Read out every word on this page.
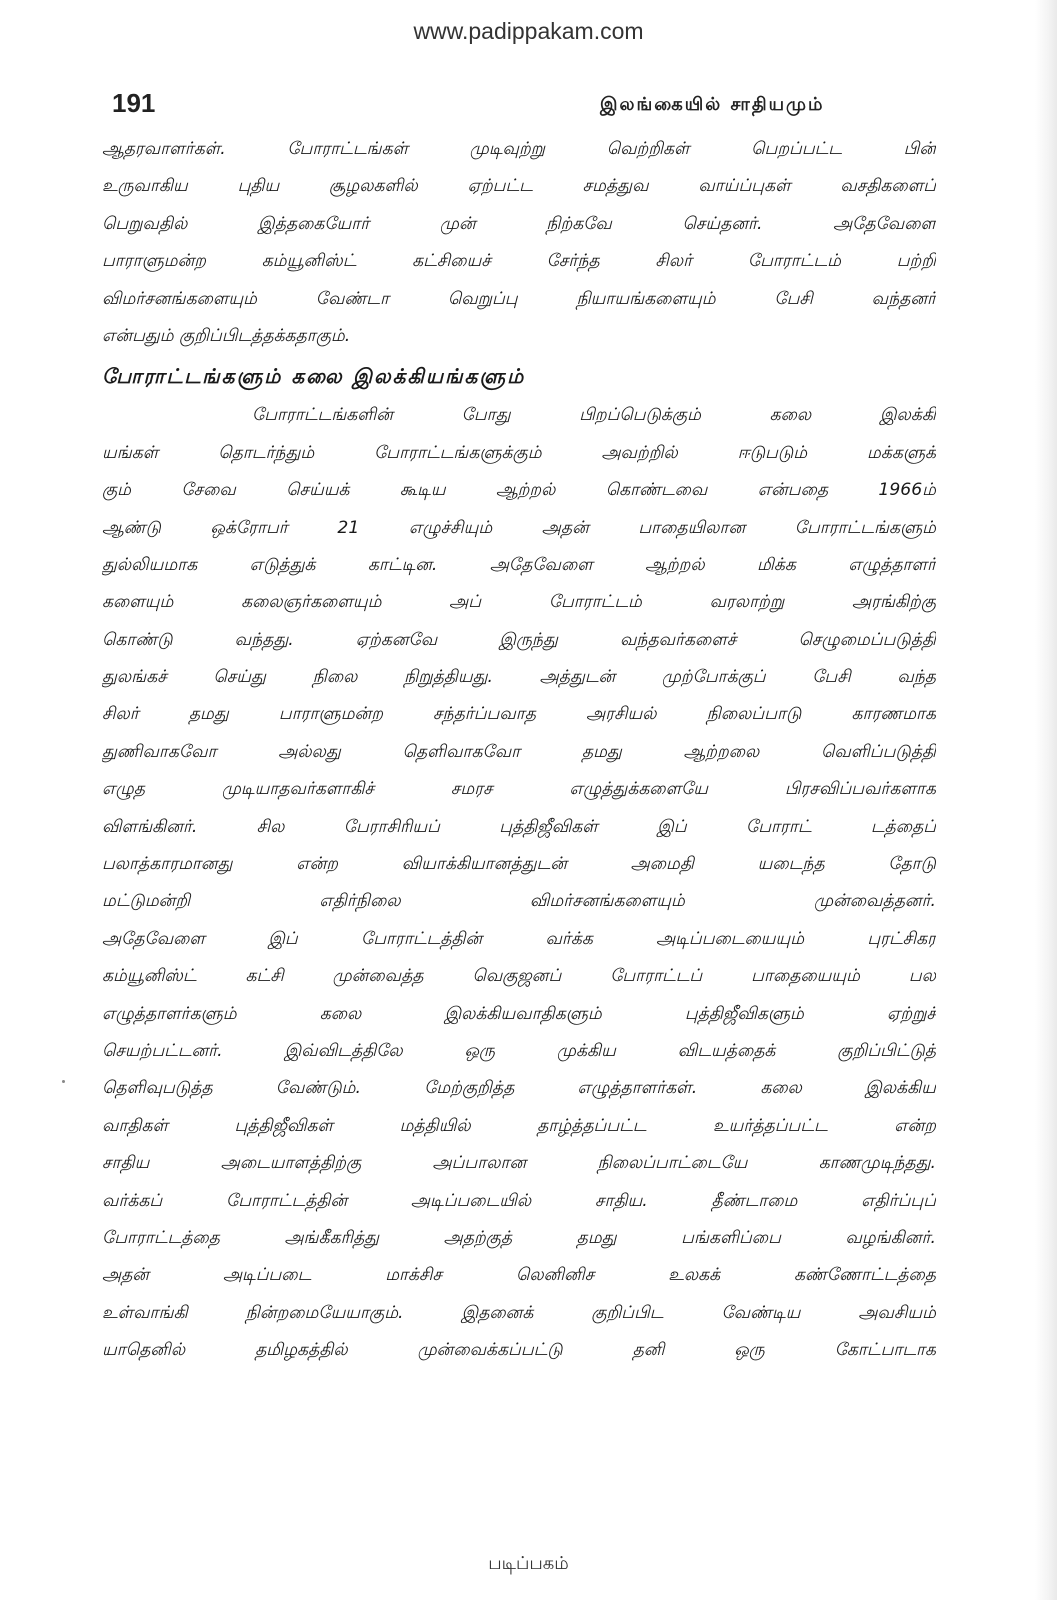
www.padippakam.com
191	இலங்கையில் சாதியமும்
ஆதரவாளர்கள். போராட்டங்கள் முடிவுற்று வெற்றிகள் பெறப்பட்ட பின்
உருவாகிய புதிய சூழலகளில் ஏற்பட்ட சமத்துவ வாய்ப்புகள் வசதிகளைப்
பெறுவதில் இத்தகையோர் முன் நிற்கவே செய்தனர். அதேவேளை
பாராளுமன்ற கம்யூனிஸ்ட் கட்சியைச் சேர்ந்த சிலர் போராட்டம் பற்றி
விமர்சனங்களையும் வேண்டா வெறுப்பு நியாயங்களையும் பேசி வந்தனர்
என்பதும் குறிப்பிடத்தக்கதாகும்.
போராட்டங்களும் கலை இலக்கியங்களும்
போராட்டங்களின் போது பிறப்பெடுக்கும் கலை இலக்கி
யங்கள் தொடர்ந்தும் போராட்டங்களுக்கும் அவற்றில் ஈடுபடும் மக்களுக்
கும் சேவை செய்யக் கூடிய ஆற்றல் கொண்டவை என்பதை 1966ம்
ஆண்டு ஒக்ரோபர் 21 எழுச்சியும் அதன் பாதையிலான போராட்டங்களும்
துல்லியமாக எடுத்துக் காட்டின. அதேவேளை ஆற்றல் மிக்க எழுத்தாளர்
களையும் கலைஞர்களையும் அப் போராட்டம் வரலாற்று அரங்கிற்கு
கொண்டு வந்தது. ஏற்கனவே இருந்து வந்தவர்களைச் செழுமைப்படுத்தி
துலங்கச் செய்து நிலை நிறுத்தியது. அத்துடன் முற்போக்குப் பேசி வந்த
சிலர் தமது பாராளுமன்ற சந்தர்ப்பவாத அரசியல் நிலைப்பாடு காரணமாக
துணிவாகவோ அல்லது தெளிவாகவோ தமது ஆற்றலை வெளிப்படுத்தி
எழுத முடியாதவர்களாகிச் சமரச எழுத்துக்களையே பிரசவிப்பவர்களாக
விளங்கினர். சில பேராசிரியப் புத்திஜீவிகள் இப் போராட் டத்தைப்
பலாத்காரமானது என்ற வியாக்கியானத்துடன் அமைதி யடைந்த தோடு
மட்டுமன்றி எதிர்நிலை விமர்சனங்களையும் முன்வைத்தனர்.
அதேவேளை இப் போராட்டத்தின் வர்க்க அடிப்படையையும் புரட்சிகர
கம்யூனிஸ்ட் கட்சி முன்வைத்த வெகுஜனப் போராட்டப் பாதையையும் பல
எழுத்தாளர்களும் கலை இலக்கியவாதிகளும் புத்திஜீவிகளும் ஏற்றுச்
செயற்பட்டனர். இவ்விடத்திலே ஒரு முக்கிய விடயத்தைக் குறிப்பிட்டுத்
தெளிவுபடுத்த வேண்டும். மேற்குறித்த எழுத்தாளர்கள். கலை இலக்கிய
வாதிகள் புத்திஜீவிகள் மத்தியில் தாழ்த்தப்பட்ட உயர்த்தப்பட்ட என்ற
சாதிய அடையாளத்திற்கு அப்பாலான நிலைப்பாட்டையே காணமுடிந்தது.
வர்க்கப் போராட்டத்தின் அடிப்படையில் சாதிய. தீண்டாமை எதிர்ப்புப்
போராட்டத்தை அங்கீகரித்து அதற்குத் தமது பங்களிப்பை வழங்கினர்.
அதன் அடிப்படை மாக்சிச லெனினிச உலகக் கண்ணோட்டத்தை
உள்வாங்கி நின்றமையேயாகும். இதனைக் குறிப்பிட வேண்டிய அவசியம்
யாதெனில் தமிழகத்தில் முன்வைக்கப்பட்டு தனி ஒரு கோட்பாடாக
படிப்பகம்
